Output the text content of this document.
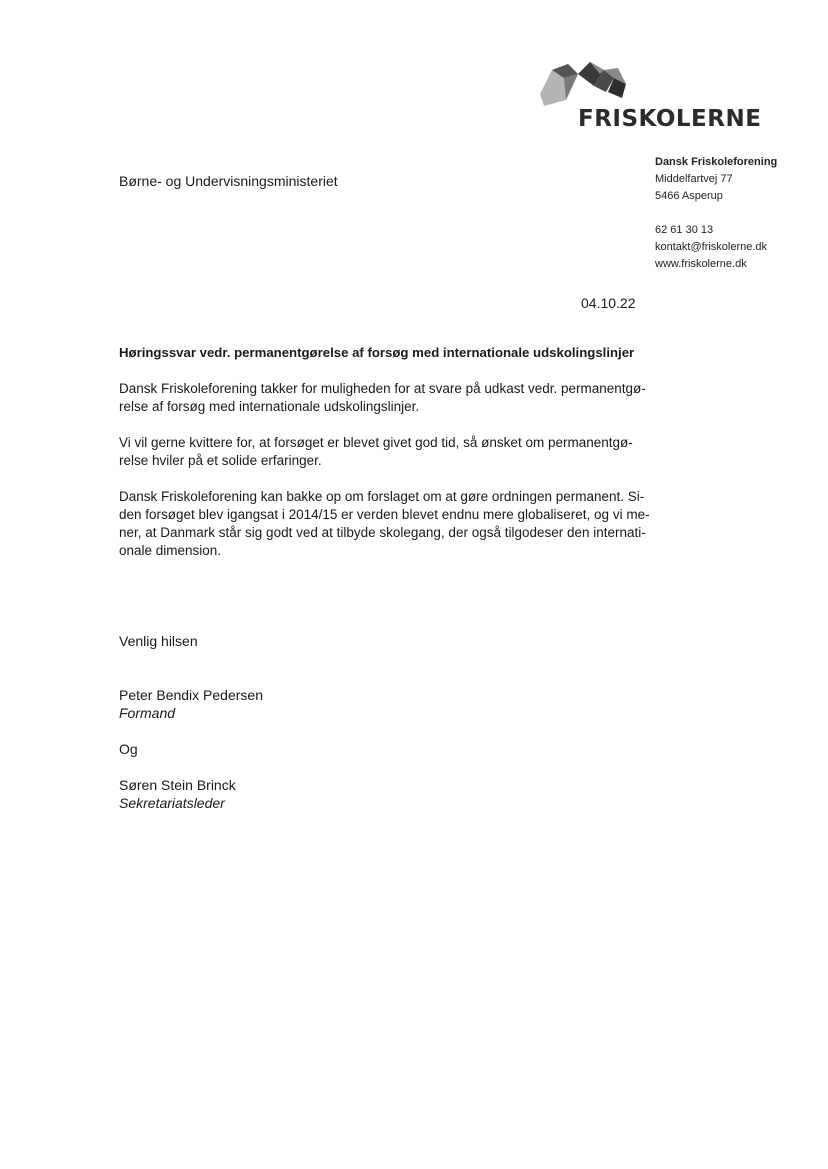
FRISKOLERNE
Dansk Friskoleforening
Middelfartvej 77
5466 Asperup
62 61 30 13
kontakt@friskolerne.dk
www.friskolerne.dk
Børne- og Undervisningsministeriet
04.10.22
Høringssvar vedr. permanentgørelse af forsøg med internationale udskolingslinjer

Dansk Friskoleforening takker for muligheden for at svare på udkast vedr. permanentgø-
relse af forsøg med internationale udskolingslinjer.

Vi vil gerne kvittere for, at forsøget er blevet givet god tid, så ønsket om permanentgø-
relse hviler på et solide erfaringer.

Dansk Friskoleforening kan bakke op om forslaget om at gøre ordningen permanent. Si-
den forsøget blev igangsat i 2014/15 er verden blevet endnu mere globaliseret, og vi me-
ner, at Danmark står sig godt ved at tilbyde skolegang, der også tilgodeser den internati-
onale dimension.

Venlig hilsen
Peter Bendix Pedersen
Formand
Og
Søren Stein Brinck
Sekretariatsleder
